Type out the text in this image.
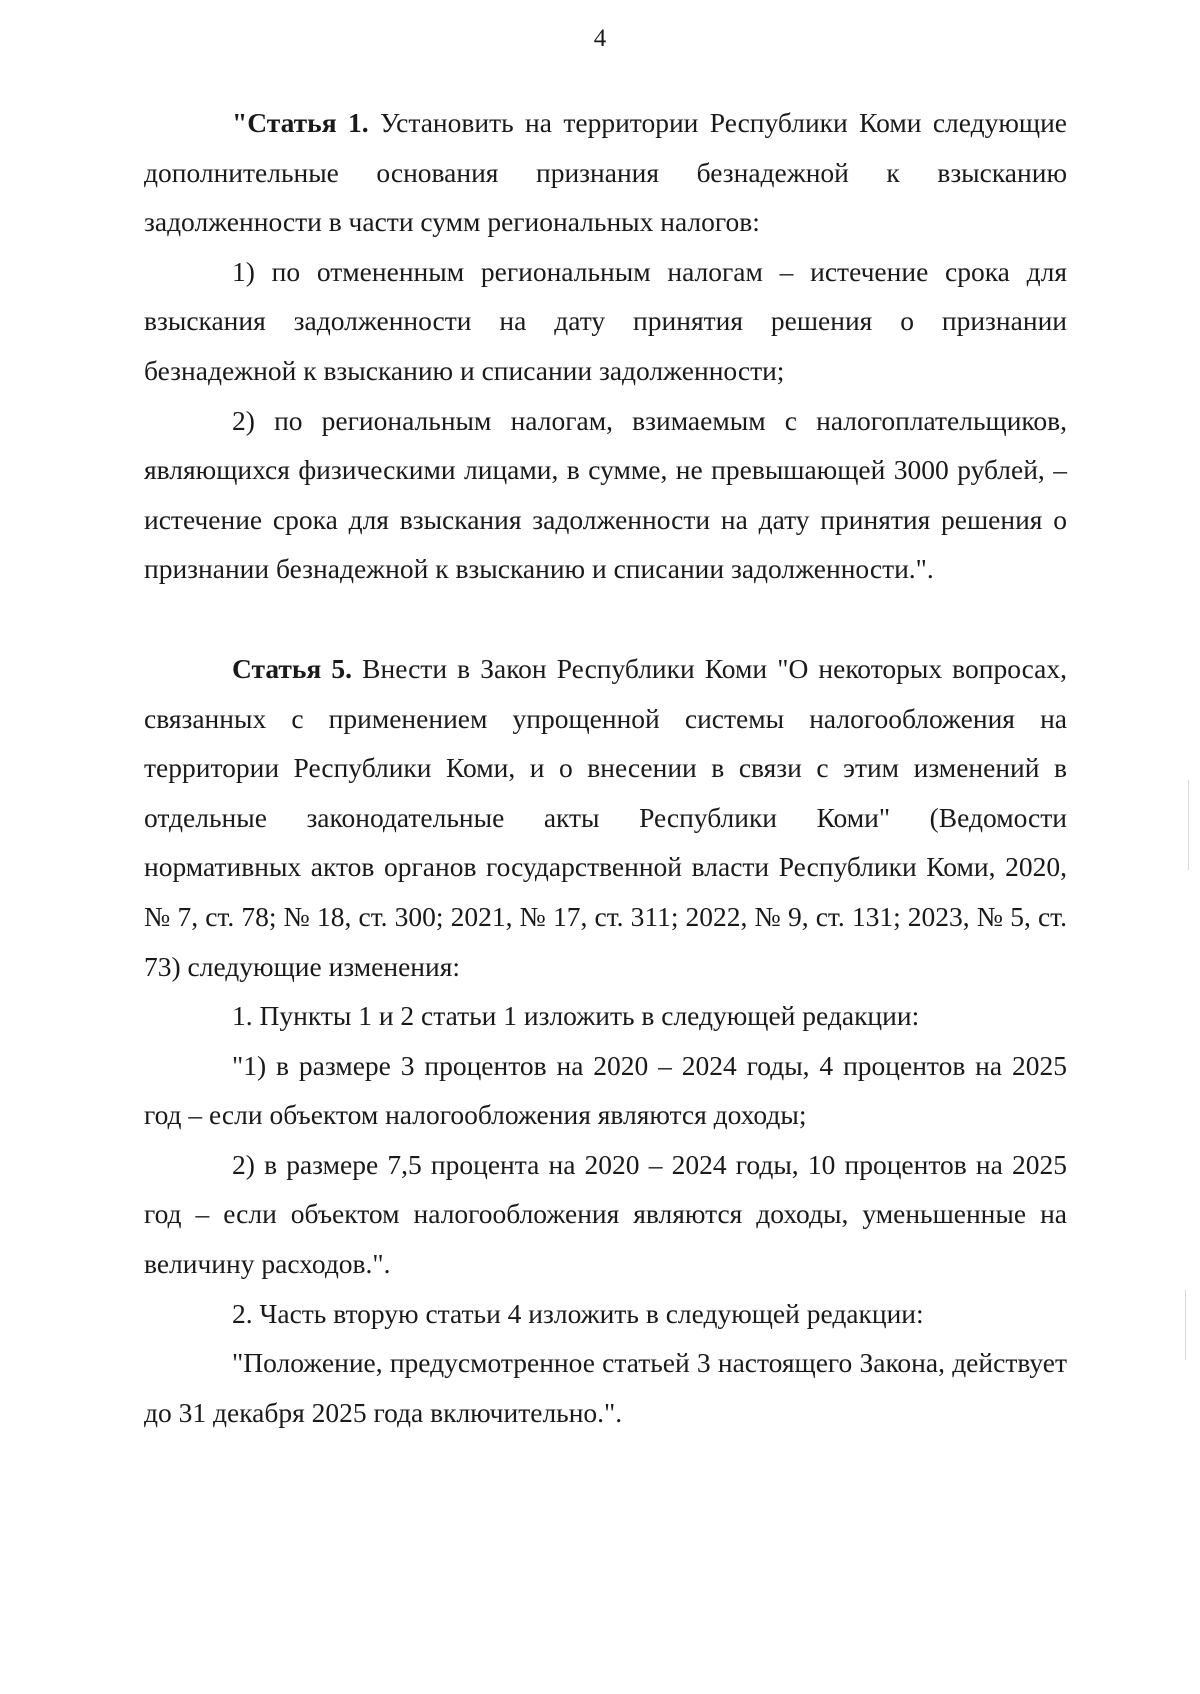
4

"Статья 1. Установить на территории Республики Коми следующие дополнительные основания признания безнадежной к взысканию задолженности в части сумм региональных налогов:

1) по отмененным региональным налогам – истечение срока для взыскания задолженности на дату принятия решения о признании безнадежной к взысканию и списании задолженности;

2) по региональным налогам, взимаемым с налогоплательщиков, являющихся физическими лицами, в сумме, не превышающей 3000 рублей, – истечение срока для взыскания задолженности на дату принятия решения о признании безнадежной к взысканию и списании задолженности.".

Статья 5. Внести в Закон Республики Коми "О некоторых вопросах, связанных с применением упрощенной системы налогообложения на территории Республики Коми, и о внесении в связи с этим изменений в отдельные законодательные акты Республики Коми" (Ведомости нормативных актов органов государственной власти Республики Коми, 2020, № 7, ст. 78; № 18, ст. 300; 2021, № 17, ст. 311; 2022, № 9, ст. 131; 2023, № 5, ст. 73) следующие изменения:

1. Пункты 1 и 2 статьи 1 изложить в следующей редакции:

"1) в размере 3 процентов на 2020 – 2024 годы, 4 процентов на 2025 год – если объектом налогообложения являются доходы;

2) в размере 7,5 процента на 2020 – 2024 годы, 10 процентов на 2025 год – если объектом налогообложения являются доходы, уменьшенные на величину расходов.".

2. Часть вторую статьи 4 изложить в следующей редакции:

"Положение, предусмотренное статьей 3 настоящего Закона, действует до 31 декабря 2025 года включительно.".
